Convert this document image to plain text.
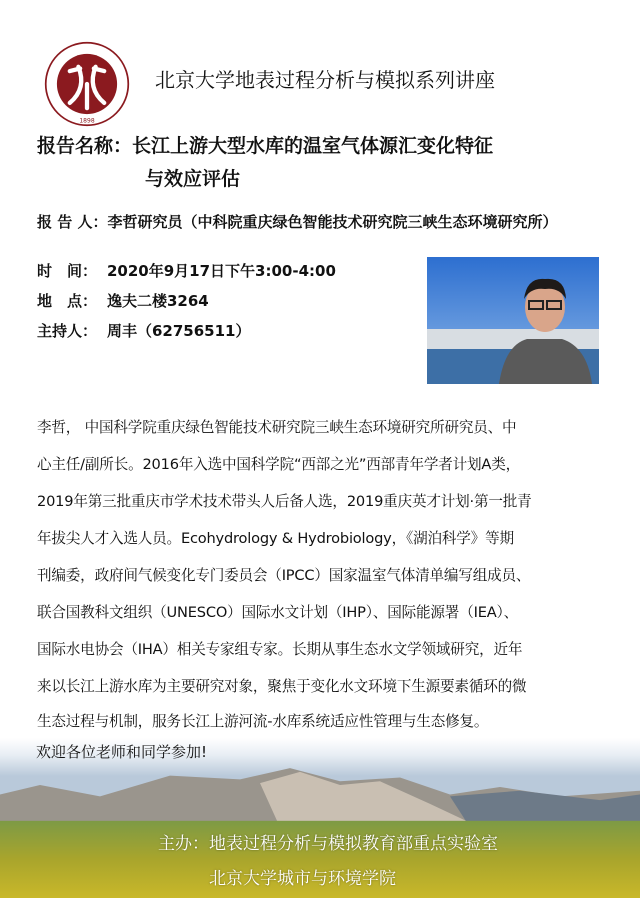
1898
北京大学地表过程分析与模拟系列讲座
报告名称：长江上游大型水库的温室气体源汇变化特征
与效应评估
报 告 人：李哲研究员（中科院重庆绿色智能技术研究院三峡生态环境研究所）
时　间： 2020年9月17日下午3:00-4:00
地　点： 逸夫二楼3264
主持人： 周丰（62756511）
李哲， 中国科学院重庆绿色智能技术研究院三峡生态环境研究所研究员、中
心主任/副所长。2016年入选中国科学院“西部之光”西部青年学者计划A类，
2019年第三批重庆市学术技术带头人后备人选，2019重庆英才计划·第一批青
年拔尖人才入选人员。Ecohydrology & Hydrobiology，《湖泊科学》等期
刊编委，政府间气候变化专门委员会（IPCC）国家温室气体清单编写组成员、
联合国教科文组织（UNESCO）国际水文计划（IHP）、国际能源署（IEA）、
国际水电协会（IHA）相关专家组专家。长期从事生态水文学领域研究，近年
来以长江上游水库为主要研究对象，聚焦于变化水文环境下生源要素循环的微
生态过程与机制，服务长江上游河流-水库系统适应性管理与生态修复。
欢迎各位老师和同学参加!
主办：地表过程分析与模拟教育部重点实验室
北京大学城市与环境学院
